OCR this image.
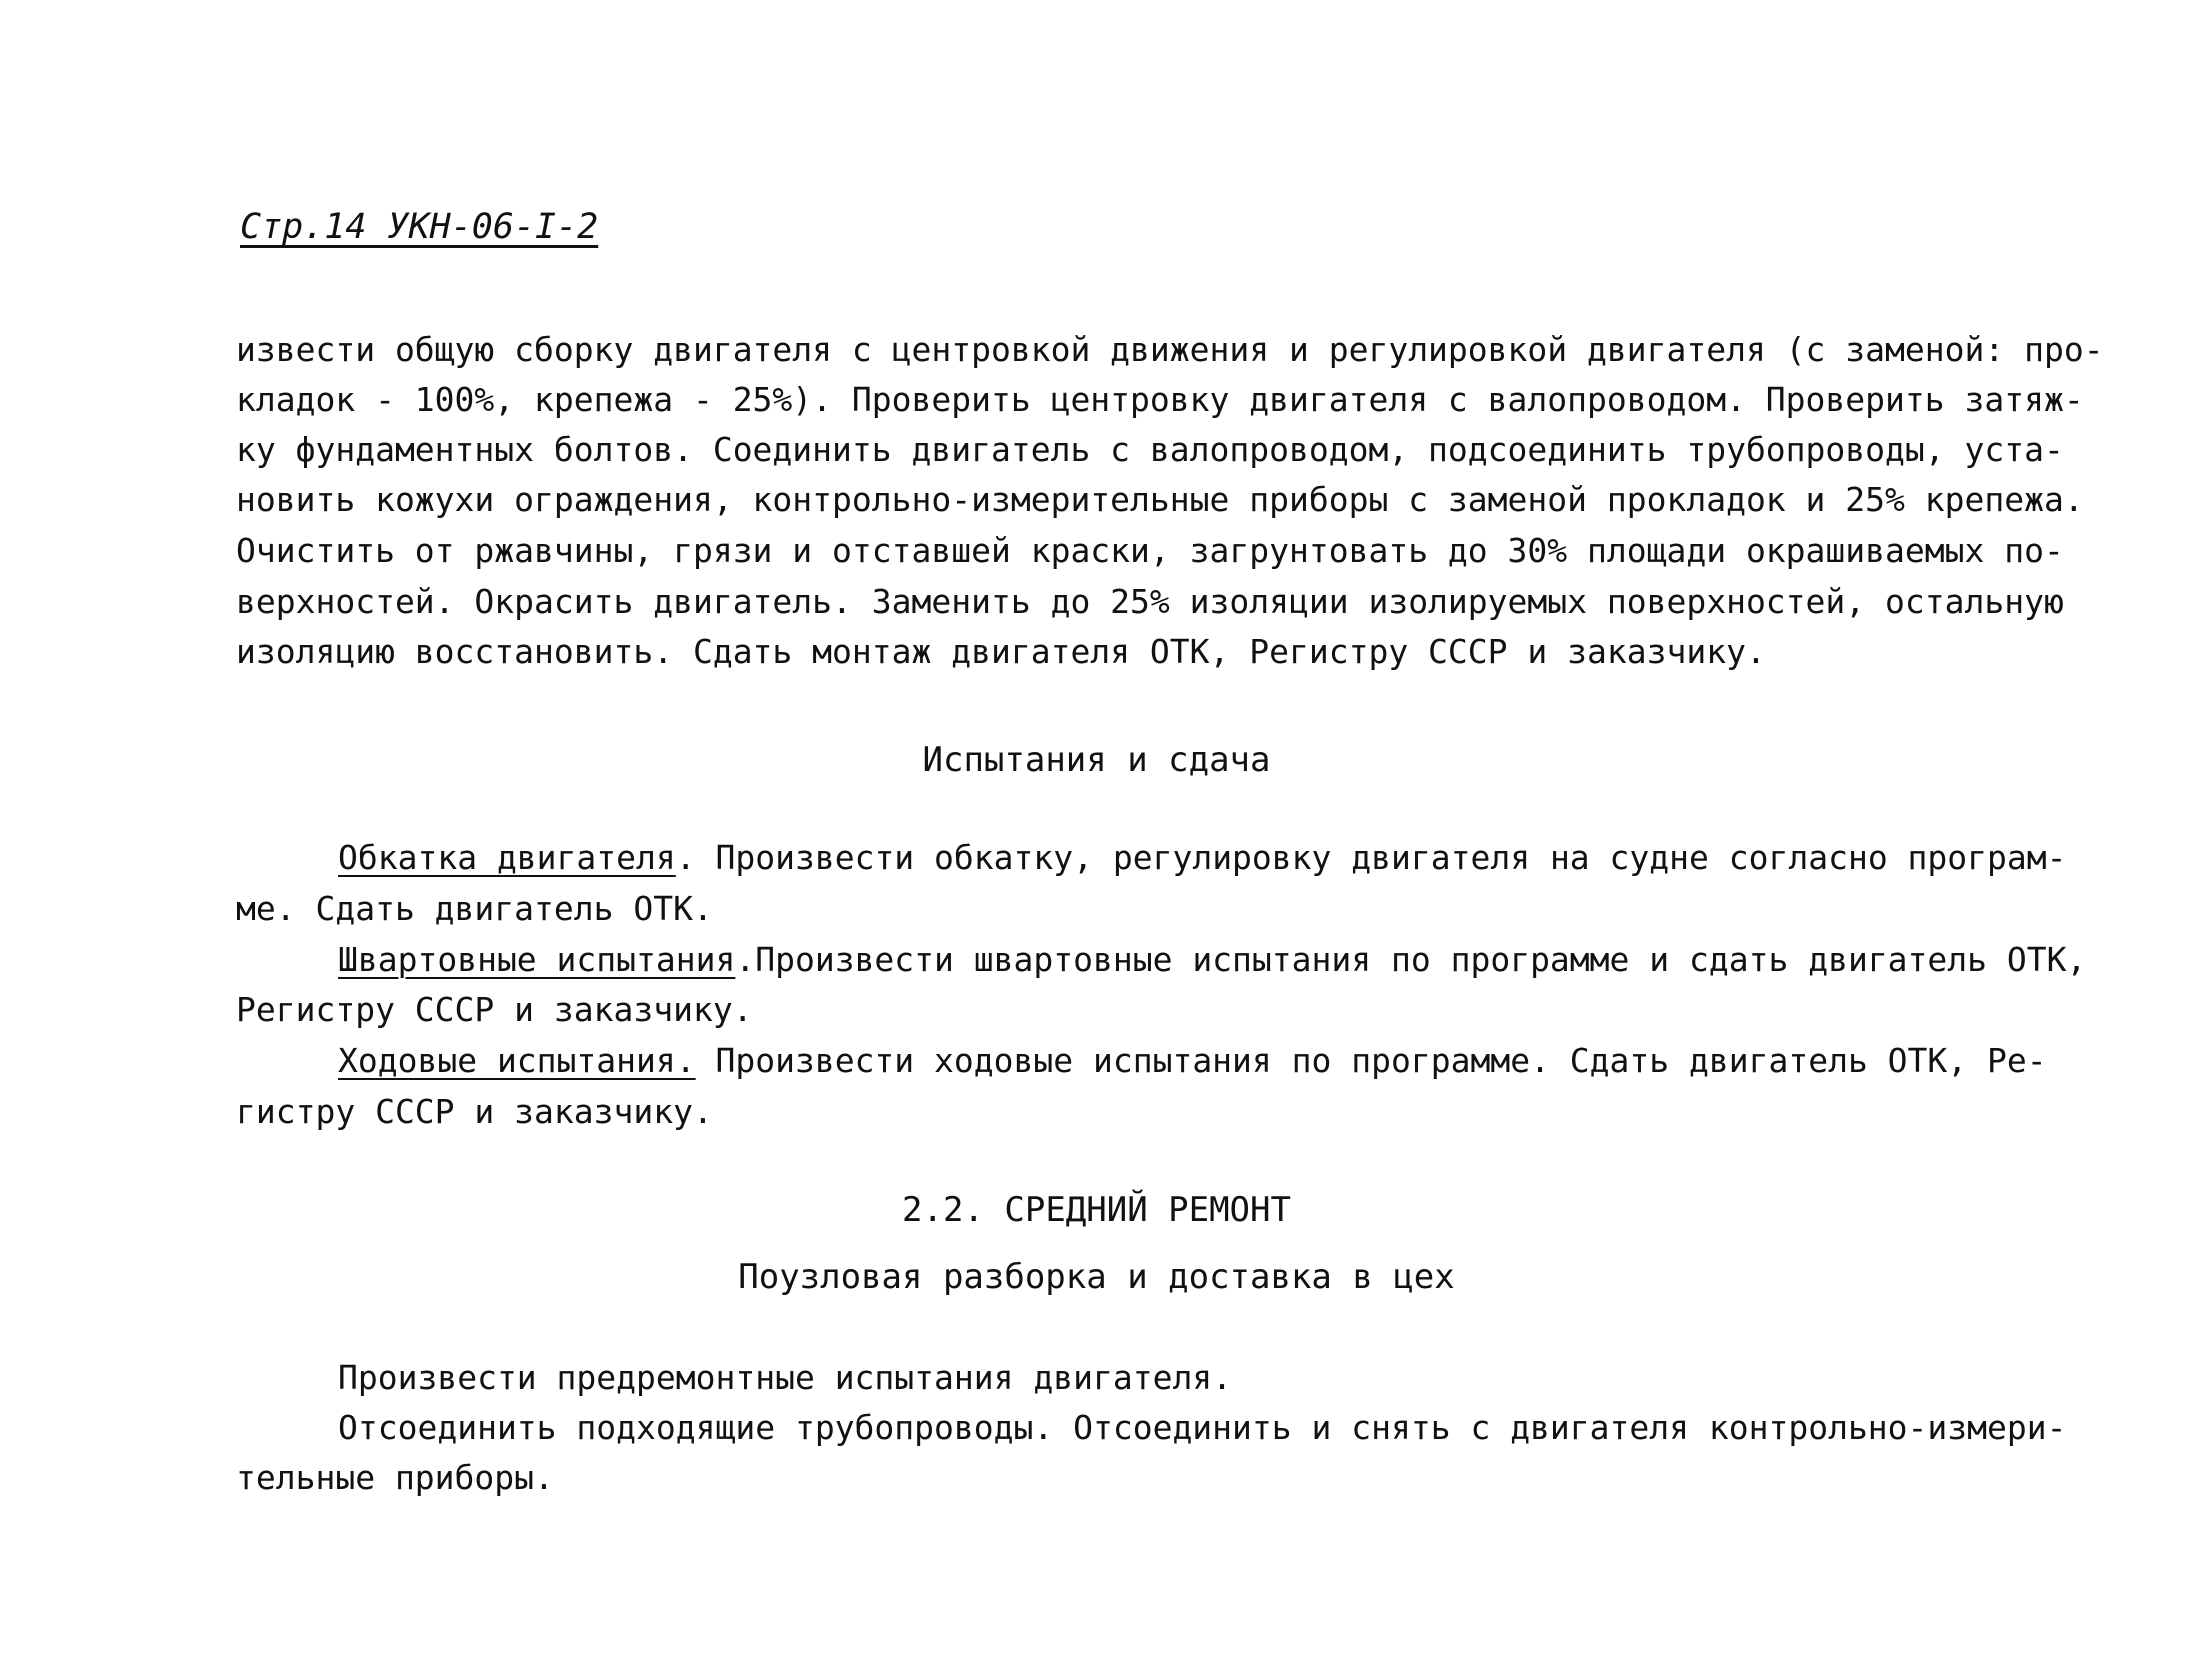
Стр.14 УКН-06-I-2
извести общую сборку двигателя с центровкой движения и регулировкой двигателя (с заменой: про-
кладок - 100%, крепежа - 25%). Проверить центровку двигателя с валопроводом. Проверить затяж-
ку фундаментных болтов. Соединить двигатель с валопроводом, подсоединить трубопроводы, уста-
новить кожухи ограждения, контрольно-измерительные приборы с заменой прокладок и 25% крепежа.
Очистить от ржавчины, грязи и отставшей краски, загрунтовать до 30% площади окрашиваемых по-
верхностей. Окрасить двигатель. Заменить до 25% изоляции изолируемых поверхностей, остальную
изоляцию восстановить. Сдать монтаж двигателя ОТК, Регистру СССР и заказчику.
Испытания и сдача
Обкатка двигателя. Произвести обкатку, регулировку двигателя на судне согласно програм-
ме. Сдать двигатель ОТК.
Швартовные испытания.Произвести швартовные испытания по программе и сдать двигатель ОТК,
Регистру СССР и заказчику.
Ходовые испытания. Произвести ходовые испытания по программе. Сдать двигатель ОТК, Ре-
гистру СССР и заказчику.
2.2. СРЕДНИЙ РЕМОНТ
Поузловая разборка и доставка в цех
Произвести предремонтные испытания двигателя.
Отсоединить подходящие трубопроводы. Отсоединить и снять с двигателя контрольно-измери-
тельные приборы.
